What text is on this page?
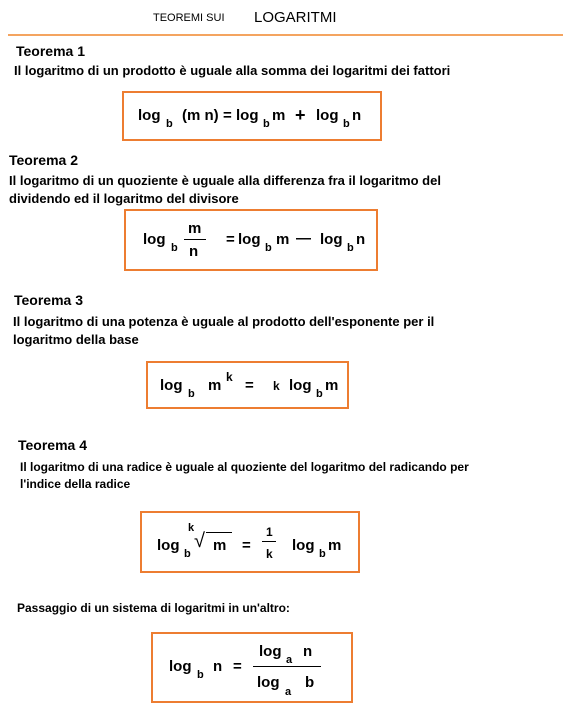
TEOREMI SUI LOGARITMI
Teorema 1
Il logaritmo di un prodotto è uguale alla somma dei logaritmi dei fattori
log b (m n) = log b m + log b n
Teorema 2
Il logaritmo di un quoziente è uguale alla differenza fra il logaritmo del
dividendo ed il logaritmo del divisore
log b
m
n
= log b m — log b n
Teorema 3
Il logaritmo di una potenza è uguale al prodotto dell'esponente per il
logaritmo della base
log b m k = k log b m
Teorema 4
Il logaritmo di una radice è uguale al quoziente del logaritmo del radicando per
l'indice della radice
log b
k
√ m =
1
k log b m
Passaggio di un sistema di logaritmi in un'altro:
log b n =
log a n
log
a
b
